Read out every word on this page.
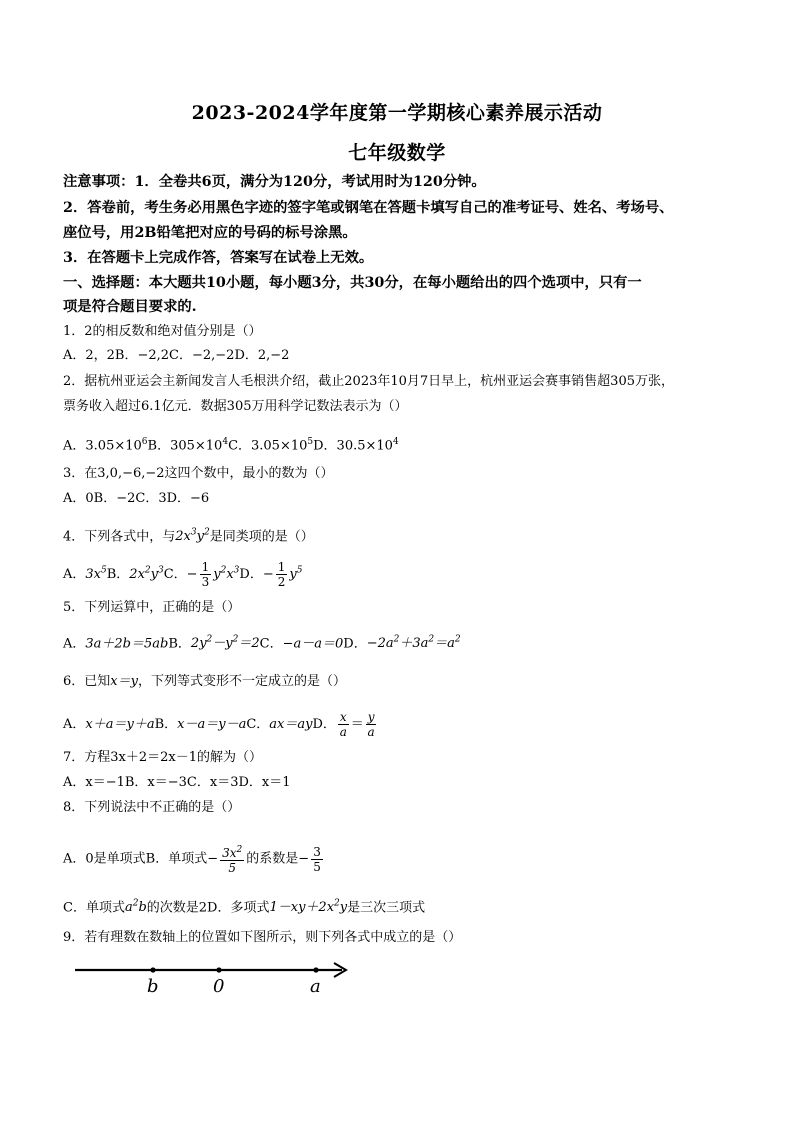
2023-2024学年度第一学期核心素养展示活动
七年级数学
注意事项：1．全卷共6页，满分为120分，考试用时为120分钟。
2．答卷前，考生务必用黑色字迹的签字笔或钢笔在答题卡填写自己的准考证号、姓名、考场号、
座位号，用2B铅笔把对应的号码的标号涂黑。
3．在答题卡上完成作答，答案写在试卷上无效。
一、选择题：本大题共10小题，每小题3分，共30分，在每小题给出的四个选项中，只有一
项是符合题目要求的.
1．2的相反数和绝对值分别是（）
A．2，2B．−2,2C．−2,−2D．2,−2
2．据杭州亚运会主新闻发言人毛根洪介绍，截止2023年10月7日早上，杭州亚运会赛事销售超305万张，
票务收入超过6.1亿元．数据305万用科学记数法表示为（）
A．$3.05\times 10^6B$．$305\times 10^4C$．$3.05\times 10^5D$．$30.5\times 10^4$
3．在3,0,−6,−2这四个数中，最小的数为（）
A．0B．−2C．3D．−6
4．下列各式中，与$2x^3y^2$是同类项的是（）
A．$3x^5B$．$2x^2y^3C$．− $\frac{1}{3} y^2x^3D$．− $\frac{1}{2} y^5$
5．下列运算中，正确的是（）
A．3a＋2b＝5abB．$2y^2-y^2=2C$．−a－a＝0D．$-2a^2+3a^2=a^2$
6．已知x＝y，下列等式变形不一定成立的是（）
A．x＋a＝y＋aB．x－a＝y－aC．ax＝ayD． $\frac{x}{a} = \frac{y}{a}$
7．方程3x＋2＝2x－1的解为（）
A．x＝−1B．x＝−3C．x＝3D．x＝1
8．下列说法中不正确的是（）
A．0是单项式B．单项式− $\frac{3x^2}{5}$ 的系数是− $\frac{3}{5}$
C．单项式$a^2b$的次数是2D．多项式$1-xy+2x^2y$是三次三项式
9．若有理数在数轴上的位置如下图所示，则下列各式中成立的是（）
b	0	a
